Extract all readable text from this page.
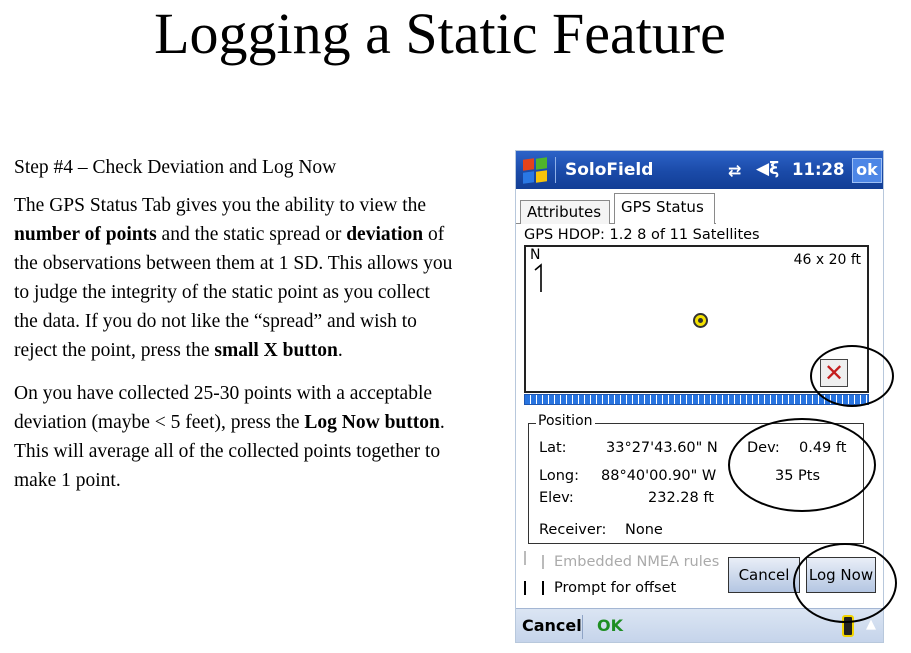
Logging a Static Feature

Step #4 – Check Deviation and Log Now

The GPS Status Tab gives you the ability to view the number of points and the static spread or deviation of the observations between them at 1 SD. This allows you to judge the integrity of the static point as you collect the data. If you do not like the “spread” and wish to reject the point, press the small X button.

On you have collected 25-30 points with a acceptable deviation (maybe < 5 feet), press the Log Now button. This will average all of the collected points together to make 1 point.

SoloField	⇄ ◀ξ 11:28 ok
Attributes	GPS Status
GPS HDOP: 1.2 8 of 11 Satellites
N	46 x 20 ft
✕
Position
Lat:	33°27'43.60" N
Long: 88°40'00.90" W
Elev:	232.28 ft
Receiver: None
Dev: 0.49 ft
35 Pts
Embedded NMEA rules
Prompt for offset
Cancel	Log Now
Cancel OK	▲
